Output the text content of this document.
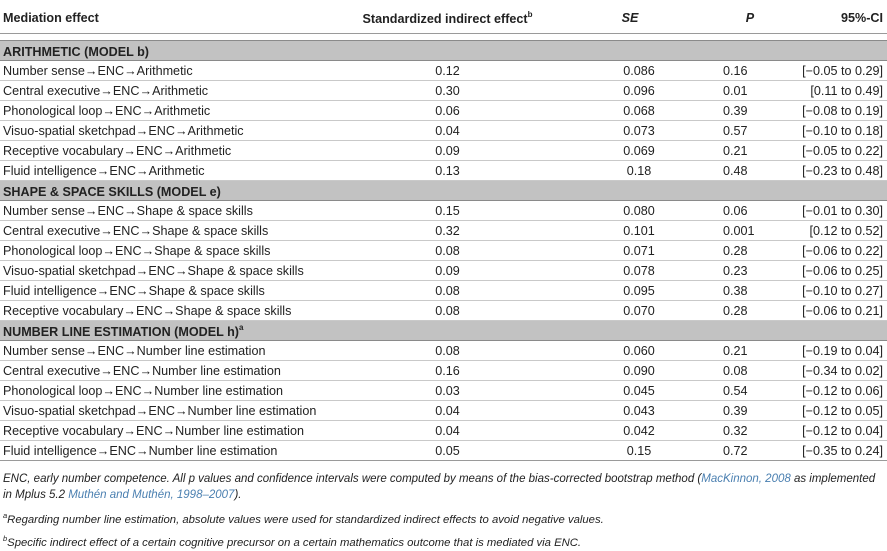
Mediation effect	Standardized indirect effect$^b$	SE	P	95%-CI

ARITHMETIC (MODEL b)				
Number sense→ENC→Arithmetic	0.12	0.086	0.16	[−0.05 to 0.29]
Central executive→ENC→Arithmetic	0.30	0.096	0.01	[0.11 to 0.49]
Phonological loop→ENC→Arithmetic	0.06	0.068	0.39	[−0.08 to 0.19]
Visuo-spatial sketchpad→ENC→Arithmetic	0.04	0.073	0.57	[−0.10 to 0.18]
Receptive vocabulary→ENC→Arithmetic	0.09	0.069	0.21	[−0.05 to 0.22]
Fluid intelligence→ENC→Arithmetic	0.13	0.18	0.48	[−0.23 to 0.48]
SHAPE & SPACE SKILLS (MODEL e)				
Number sense→ENC→Shape & space skills	0.15	0.080	0.06	[−0.01 to 0.30]
Central executive→ENC→Shape & space skills	0.32	0.101	0.001	[0.12 to 0.52]
Phonological loop→ENC→Shape & space skills	0.08	0.071	0.28	[−0.06 to 0.22]
Visuo-spatial sketchpad→ENC→Shape & space skills	0.09	0.078	0.23	[−0.06 to 0.25]
Fluid intelligence→ENC→Shape & space skills	0.08	0.095	0.38	[−0.10 to 0.27]
Receptive vocabulary→ENC→Shape & space skills	0.08	0.070	0.28	[−0.06 to 0.21]
NUMBER LINE ESTIMATION (MODEL h)$^a$
Number sense→ENC→Number line estimation	0.08	0.060	0.21	[−0.19 to 0.04]
Central executive→ENC→Number line estimation	0.16	0.090	0.08	[−0.34 to 0.02]
Phonological loop→ENC→Number line estimation	0.03	0.045	0.54	[−0.12 to 0.06]
Visuo-spatial sketchpad→ENC→Number line estimation	0.04	0.043	0.39	[−0.12 to 0.05]
Receptive vocabulary→ENC→Number line estimation	0.04	0.042	0.32	[−0.12 to 0.04]
Fluid intelligence→ENC→Number line estimation	0.05	0.15	0.72	[−0.35 to 0.24]

ENC, early number competence. All p values and confidence intervals were computed by means of the bias-corrected bootstrap method (MacKinnon, 2008 as implemented in Mplus 5.2 Muthén and Muthén, 1998–2007).

$^a$Regarding number line estimation, absolute values were used for standardized indirect effects to avoid negative values.

$^b$Specific indirect effect of a certain cognitive precursor on a certain mathematics outcome that is mediated via ENC.
